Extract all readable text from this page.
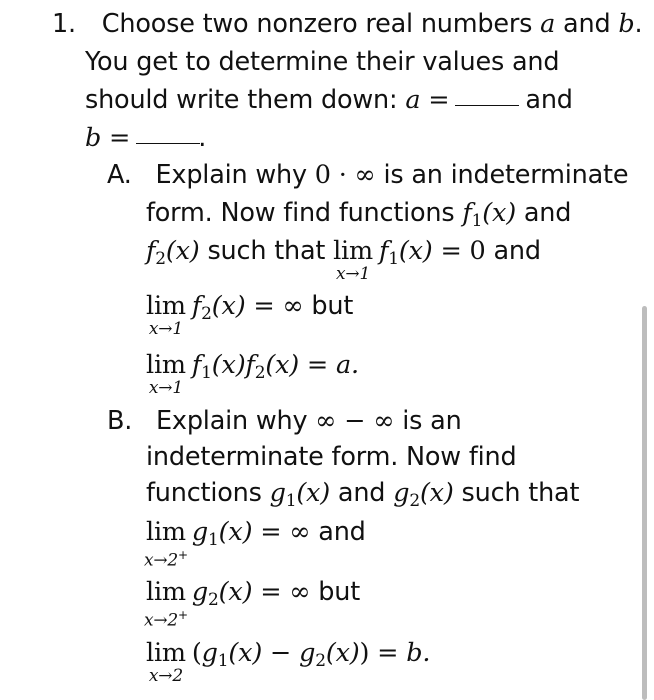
1. Choose two nonzero real numbers a and b.
You get to determine their values and
should write them down: a =	and
b =	.
A. Explain why 0 · ∞ is an indeterminate
form. Now find functions $f_1(x)$ and
$f_2(x)$ such that lim
x→1
$f_1(x) = 0$ and
lim
x→1
$f_2(x)$ = ∞ but
lim
x→1
$f_1(x)f_2(x) = a$.
B. Explain why ∞ − ∞ is an
indeterminate form. Now find
functions $g_1(x)$ and $g_2(x)$ such that
lim
x→2+
$g_1(x)$ = ∞ and
lim
x→2+
$g_2(x)$ = ∞ but
lim
x→2
$(g_1(x) - g_2(x)) = b$.
